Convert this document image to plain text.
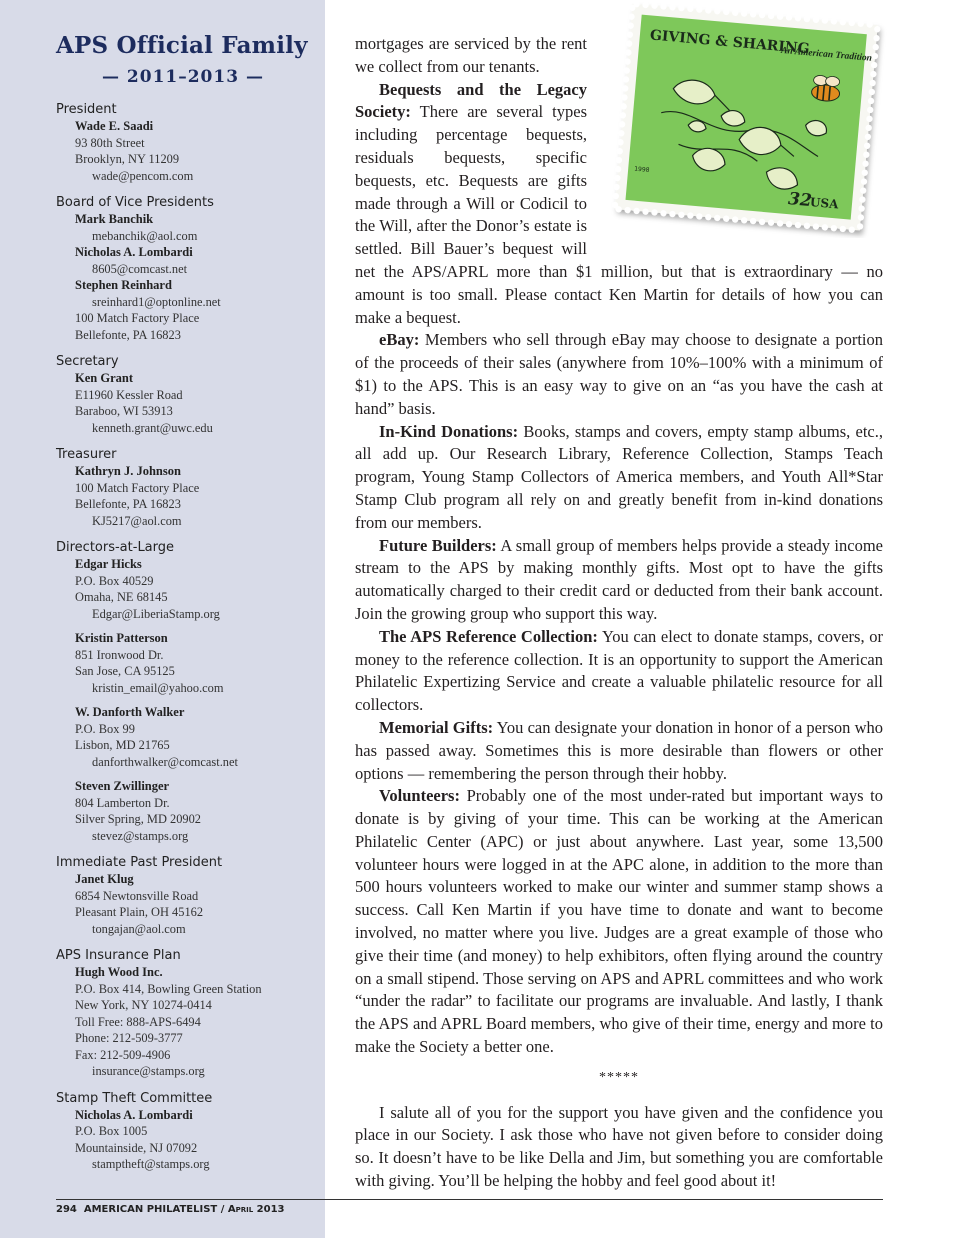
APS Official Family
— 2011–2013 —
President
Wade E. Saadi
93 80th Street
Brooklyn, NY 11209
wade@pencom.com
Board of Vice Presidents
Mark Banchik
mebanchik@aol.com
Nicholas A. Lombardi
8605@comcast.net
Stephen Reinhard
sreinhard1@optonline.net
100 Match Factory Place
Bellefonte, PA 16823
Secretary
Ken Grant
E11960 Kessler Road
Baraboo, WI 53913
kenneth.grant@uwc.edu
Treasurer
Kathryn J. Johnson
100 Match Factory Place
Bellefonte, PA 16823
KJ5217@aol.com
Directors-at-Large
Edgar Hicks
P.O. Box 40529
Omaha, NE 68145
Edgar@LiberiaStamp.org
Kristin Patterson
851 Ironwood Dr.
San Jose, CA 95125
kristin_email@yahoo.com
W. Danforth Walker
P.O. Box 99
Lisbon, MD 21765
danforthwalker@comcast.net
Steven Zwillinger
804 Lamberton Dr.
Silver Spring, MD 20902
stevez@stamps.org
Immediate Past President
Janet Klug
6854 Newtonsville Road
Pleasant Plain, OH 45162
tongajan@aol.com
APS Insurance Plan
Hugh Wood Inc.
P.O. Box 414, Bowling Green Station
New York, NY 10274-0414
Toll Free: 888-APS-6494
Phone: 212-509-3777
Fax: 212-509-4906
insurance@stamps.org
Stamp Theft Committee
Nicholas A. Lombardi
P.O. Box 1005
Mountainside, NJ 07092
stamptheft@stamps.org
GIVING & SHARING
An American Tradition
1998
32
USA

mortgages are serviced by the rent we collect from our tenants.

Bequests and the Legacy Society: There are several types including percentage bequests, residuals bequests, specific bequests, etc. Bequests are gifts made through a Will or Codicil to the Will, after the Donor’s estate is settled. Bill Bauer’s bequest will net the APS/APRL more than $1 million, but that is extraordinary — no amount is too small. Please contact Ken Martin for details of how you can make a bequest.

eBay: Members who sell through eBay may choose to designate a portion of the proceeds of their sales (anywhere from 10%–100% with a minimum of $1) to the APS. This is an easy way to give on an “as you have the cash at hand” basis.

In-Kind Donations: Books, stamps and covers, empty stamp albums, etc., all add up. Our Research Library, Reference Collection, Stamps Teach program, Young Stamp Collectors of America members, and Youth All*Star Stamp Club program all rely on and greatly benefit from in-kind donations from our members.

Future Builders: A small group of members helps provide a steady income stream to the APS by making monthly gifts. Most opt to have the gifts automatically charged to their credit card or deducted from their bank account. Join the growing group who support this way.

The APS Reference Collection: You can elect to donate stamps, covers, or money to the reference collection. It is an opportunity to support the American Philatelic Expertizing Service and create a valuable philatelic resource for all collectors.

Memorial Gifts: You can designate your donation in honor of a person who has passed away. Sometimes this is more desirable than flowers or other options — remembering the person through their hobby.

Volunteers: Probably one of the most under-rated but important ways to donate is by giving of your time. This can be working at the American Philatelic Center (APC) or just about anywhere. Last year, some 13,500 volunteer hours were logged in at the APC alone, in addition to the more than 500 hours volunteers worked to make our winter and summer stamp shows a success. Call Ken Martin if you have time to donate and want to become involved, no matter where you live. Judges are a great example of those who give their time (and money) to help exhibitors, often flying around the country on a small stipend. Those serving on APS and APRL committees and who work “under the radar” to facilitate our programs are invaluable. And lastly, I thank the APS and APRL Board members, who give of their time, energy and more to make the Society a better one.

*****

I salute all of you for the support you have given and the confidence you place in our Society. I ask those who have not given before to consider doing so. It doesn’t have to be like Della and Jim, but something you are comfortable with giving. You’ll be helping the hobby and feel good about it!

294 AMERICAN PHILATELIST / April 2013
